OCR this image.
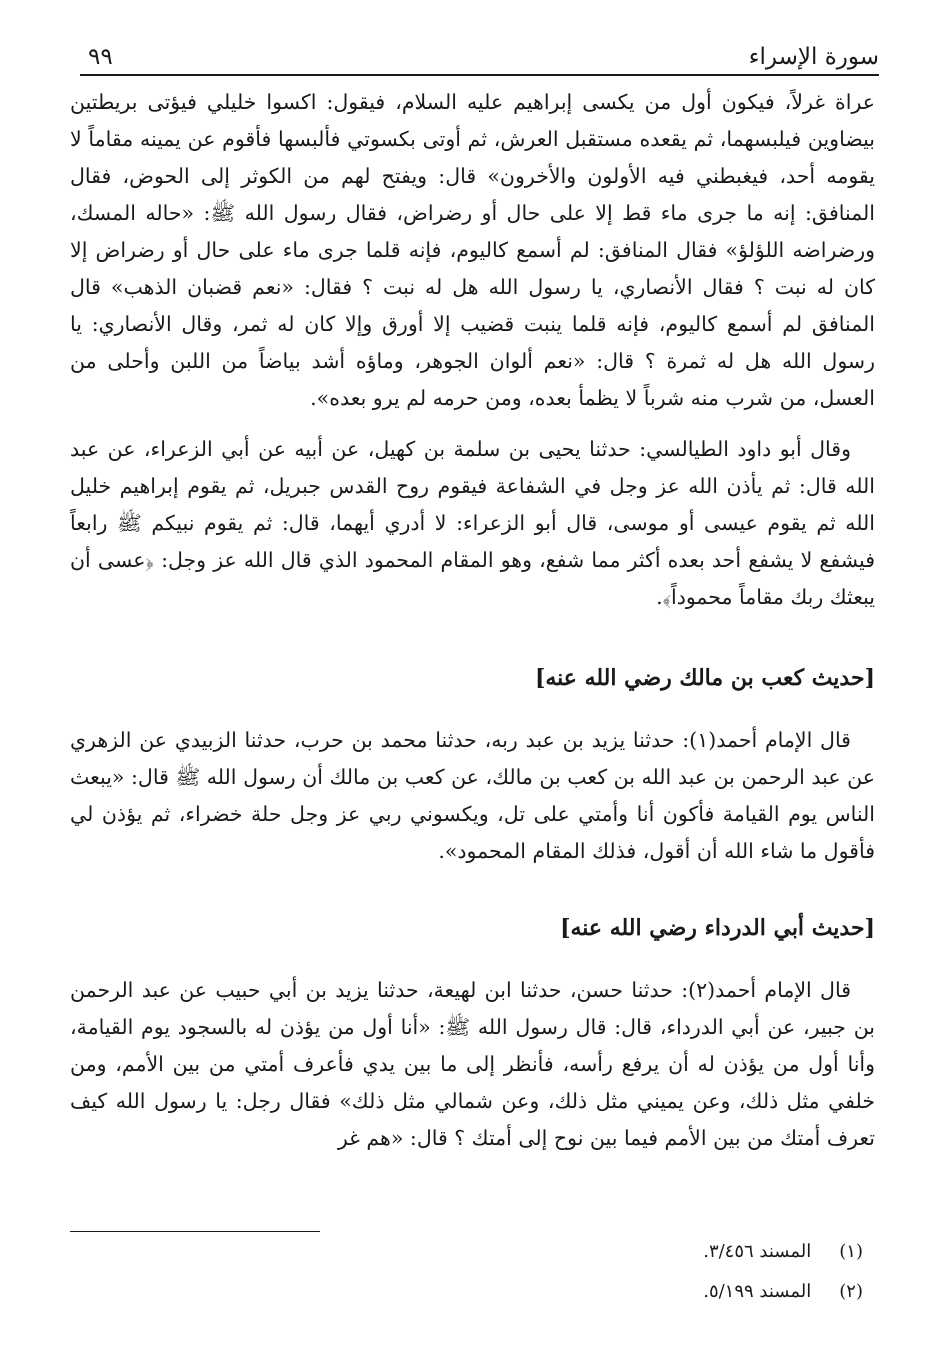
سورة الإسراء
٩٩

عراة غرلاً، فيكون أول من يكسى إبراهيم عليه السلام، فيقول: اكسوا خليلي فيؤتى بريطتين بيضاوين فيلبسهما، ثم يقعده مستقبل العرش، ثم أوتى بكسوتي فألبسها فأقوم عن يمينه مقاماً لا يقومه أحد، فيغبطني فيه الأولون والأخرون» قال: ويفتح لهم من الكوثر إلى الحوض، فقال المنافق: إنه ما جرى ماء قط إلا على حال أو رضراض، فقال رسول الله ﷺ: «حاله المسك، ورضراضه اللؤلؤ» فقال المنافق: لم أسمع كاليوم، فإنه قلما جرى ماء على حال أو رضراض إلا كان له نبت ؟ فقال الأنصاري، يا رسول الله هل له نبت ؟ فقال: «نعم قضبان الذهب» قال المنافق لم أسمع كاليوم، فإنه قلما ينبت قضيب إلا أورق وإلا كان له ثمر، وقال الأنصاري: يا رسول الله هل له ثمرة ؟ قال: «نعم ألوان الجوهر، وماؤه أشد بياضاً من اللبن وأحلى من العسل، من شرب منه شرباً لا يظمأ بعده، ومن حرمه لم يرو بعده».

وقال أبو داود الطيالسي: حدثنا يحيى بن سلمة بن كهيل، عن أبيه عن أبي الزعراء، عن عبد الله قال: ثم يأذن الله عز وجل في الشفاعة فيقوم روح القدس جبريل، ثم يقوم إبراهيم خليل الله ثم يقوم عيسى أو موسى، قال أبو الزعراء: لا أدري أيهما، قال: ثم يقوم نبيكم ﷺ رابعاً فيشفع لا يشفع أحد بعده أكثر مما شفع، وهو المقام المحمود الذي قال الله عز وجل: ﴿عسى أن يبعثك ربك مقاماً محموداً﴾.

[حديث كعب بن مالك رضي الله عنه]

قال الإمام أحمد(١): حدثنا يزيد بن عبد ربه، حدثنا محمد بن حرب، حدثنا الزبيدي عن الزهري عن عبد الرحمن بن عبد الله بن كعب بن مالك، عن كعب بن مالك أن رسول الله ﷺ قال: «يبعث الناس يوم القيامة فأكون أنا وأمتي على تل، ويكسوني ربي عز وجل حلة خضراء، ثم يؤذن لي فأقول ما شاء الله أن أقول، فذلك المقام المحمود».

[حديث أبي الدرداء رضي الله عنه]

قال الإمام أحمد(٢): حدثنا حسن، حدثنا ابن لهيعة، حدثنا يزيد بن أبي حبيب عن عبد الرحمن بن جبير، عن أبي الدرداء، قال: قال رسول الله ﷺ: «أنا أول من يؤذن له بالسجود يوم القيامة، وأنا أول من يؤذن له أن يرفع رأسه، فأنظر إلى ما بين يدي فأعرف أمتي من بين الأمم، ومن خلفي مثل ذلك، وعن يميني مثل ذلك، وعن شمالي مثل ذلك» فقال رجل: يا رسول الله كيف تعرف أمتك من بين الأمم فيما بين نوح إلى أمتك ؟ قال: «هم غر

(١)
المسند ٣/٤٥٦.
(٢)
المسند ٥/١٩٩.
